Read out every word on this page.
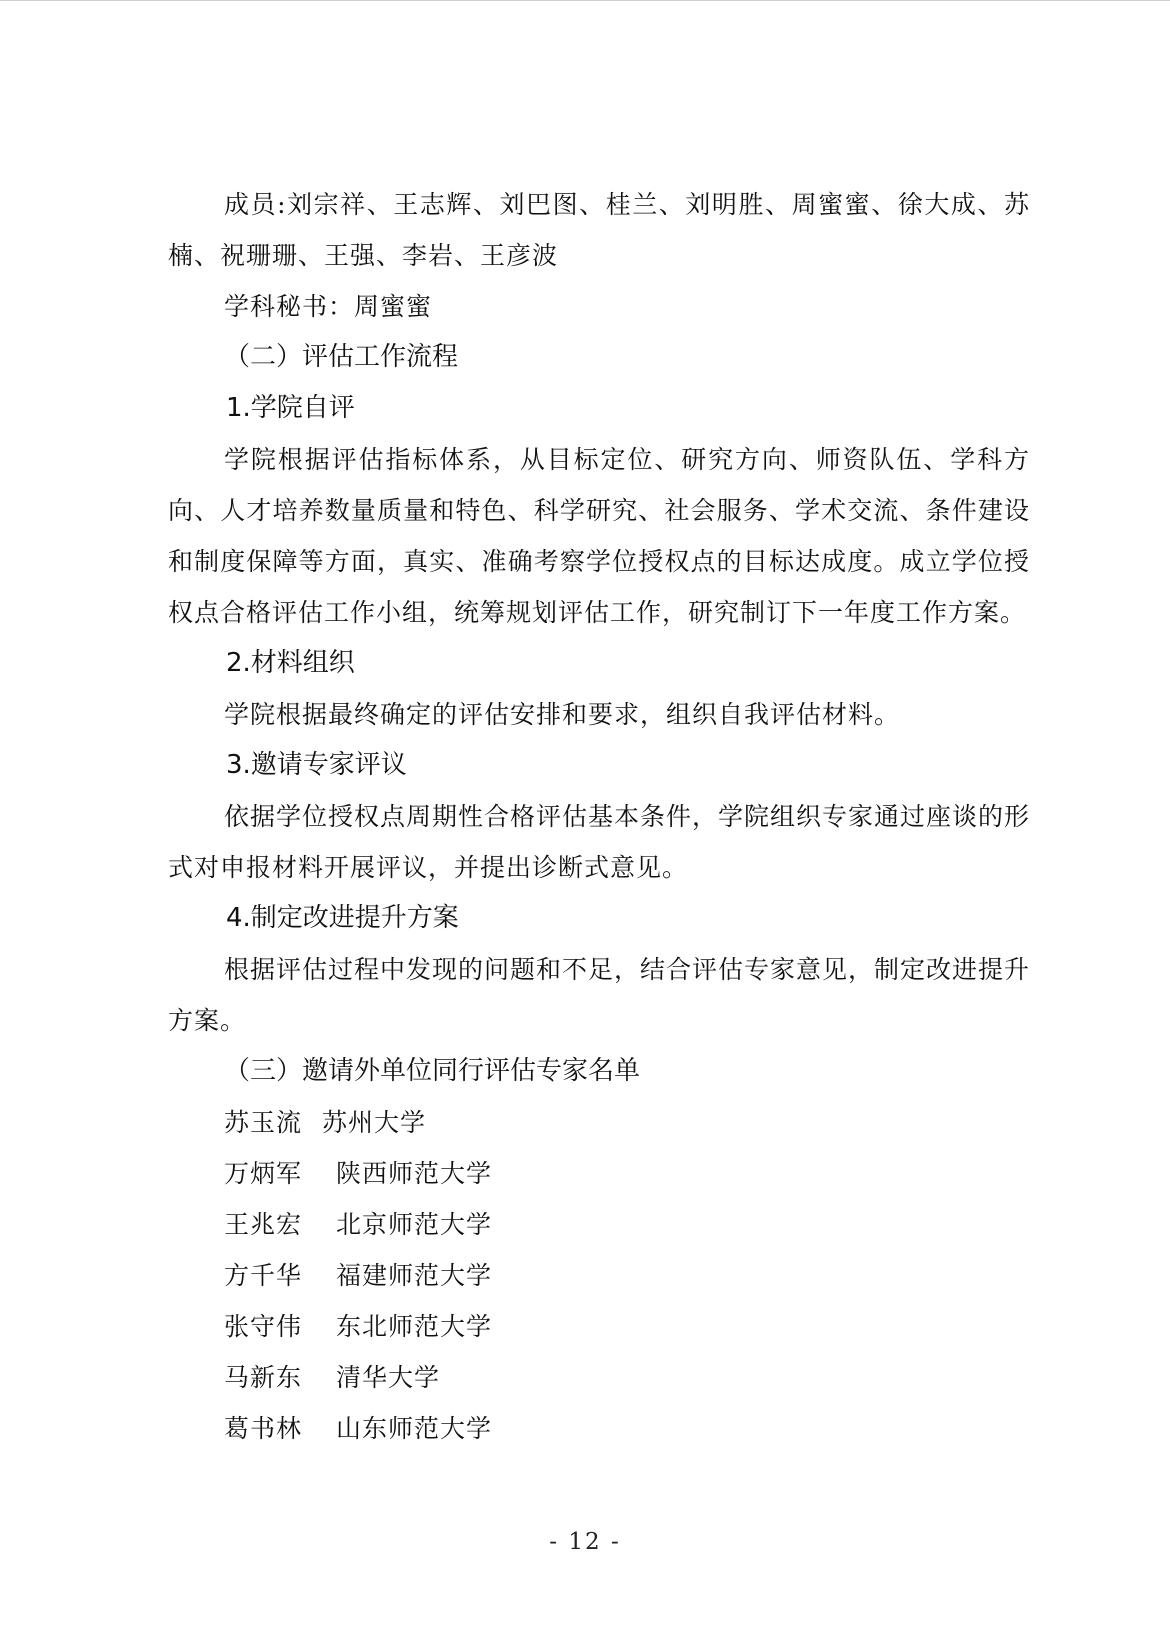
成员:刘宗祥、王志辉、刘巴图、桂兰、刘明胜、周蜜蜜、徐大成、苏楠、祝珊珊、王强、李岩、王彦波

学科秘书：周蜜蜜

（二）评估工作流程

1.学院自评

学院根据评估指标体系，从目标定位、研究方向、师资队伍、学科方向、人才培养数量质量和特色、科学研究、社会服务、学术交流、条件建设和制度保障等方面，真实、准确考察学位授权点的目标达成度。成立学位授权点合格评估工作小组，统筹规划评估工作，研究制订下一年度工作方案。

2.材料组织

学院根据最终确定的评估安排和要求，组织自我评估材料。

3.邀请专家评议

依据学位授权点周期性合格评估基本条件，学院组织专家通过座谈的形式对申报材料开展评议，并提出诊断式意见。

4.制定改进提升方案

根据评估过程中发现的问题和不足，结合评估专家意见，制定改进提升方案。

（三）邀请外单位同行评估专家名单

苏玉流 苏州大学
万炳军	陕西师范大学
王兆宏	北京师范大学
方千华	福建师范大学
张守伟	东北师范大学
马新东	清华大学
葛书林	山东师范大学
- 12 -
